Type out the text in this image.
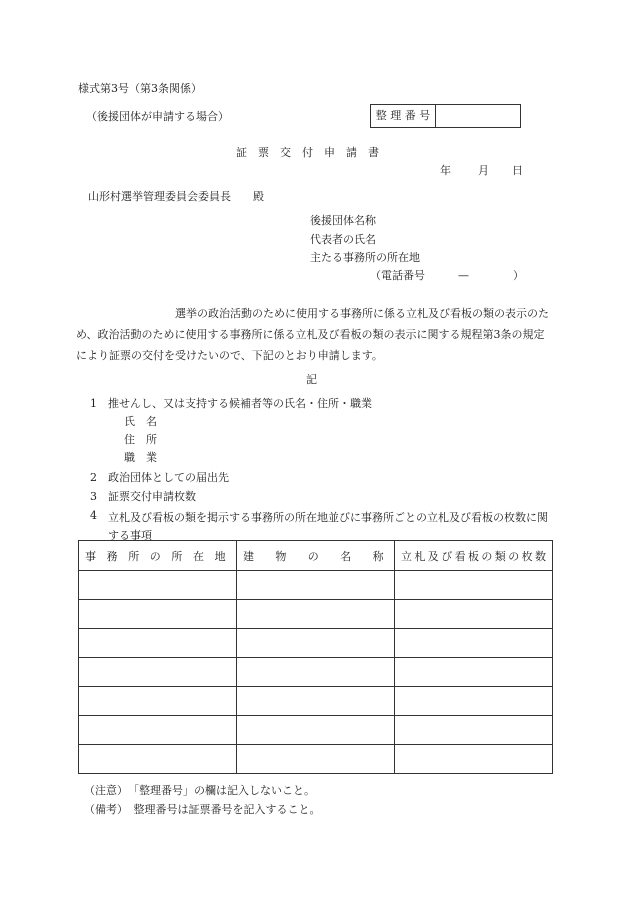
様式第3号（第3条関係）
（後援団体が申請する場合）	整 理 番 号
証　票　交　付　申　請　書
年 月 日
山形村選挙管理委員会委員長　　殿
後援団体名称
代表者の氏名
主たる事務所の所在地
（電話番号　　　—　　　　）
　　　　　　　　　選挙の政治活動のために使用する事務所に係る立札及び看板の類の表示のため、政治活動のために使用する事務所に係る立札及び看板の類の表示に関する規程第3条の規定により証票の交付を受けたいので、下記のとおり申請します。
記
1 推せんし、又は支持する候補者等の氏名・住所・職業
氏　名
住　所
職　業
2 政治団体としての届出先
3 証票交付申請枚数
4 立札及び看板の類を掲示する事務所の所在地並びに事務所ごとの立札及び看板の枚数に関する事項
事務所の所在地	建物の名称	立札及び看板の類の枚数

（注意）　「整理番号」の欄は記入しないこと。
（備考）　整理番号は証票番号を記入すること。
